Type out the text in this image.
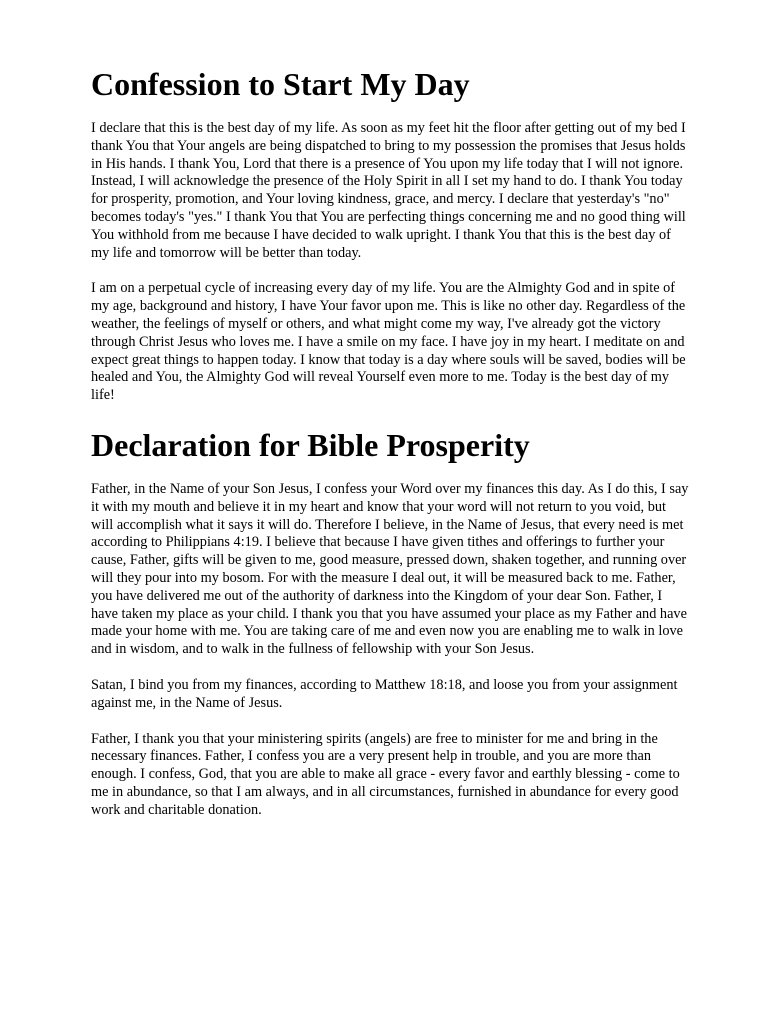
Confession to Start My Day

I declare that this is the best day of my life. As soon as my feet hit the floor after getting out of my bed I thank You that Your angels are being dispatched to bring to my possession the promises that Jesus holds in His hands. I thank You, Lord that there is a presence of You upon my life today that I will not ignore. Instead, I will acknowledge the presence of the Holy Spirit in all I set my hand to do. I thank You today for prosperity, promotion, and Your loving kindness, grace, and mercy. I declare that yesterday's "no" becomes today's "yes." I thank You that You are perfecting things concerning me and no good thing will You withhold from me because I have decided to walk upright. I thank You that this is the best day of my life and tomorrow will be better than today.

I am on a perpetual cycle of increasing every day of my life. You are the Almighty God and in spite of my age, background and history, I have Your favor upon me. This is like no other day. Regardless of the weather, the feelings of myself or others, and what might come my way, I've already got the victory through Christ Jesus who loves me. I have a smile on my face. I have joy in my heart. I meditate on and expect great things to happen today. I know that today is a day where souls will be saved, bodies will be healed and You, the Almighty God will reveal Yourself even more to me. Today is the best day of my life!

Declaration for Bible Prosperity

Father, in the Name of your Son Jesus, I confess your Word over my finances this day. As I do this, I say it with my mouth and believe it in my heart and know that your word will not return to you void, but will accomplish what it says it will do. Therefore I believe, in the Name of Jesus, that every need is met according to Philippians 4:19. I believe that because I have given tithes and offerings to further your cause, Father, gifts will be given to me, good measure, pressed down, shaken together, and running over will they pour into my bosom. For with the measure I deal out, it will be measured back to me. Father, you have delivered me out of the authority of darkness into the Kingdom of your dear Son. Father, I have taken my place as your child. I thank you that you have assumed your place as my Father and have made your home with me. You are taking care of me and even now you are enabling me to walk in love and in wisdom, and to walk in the fullness of fellowship with your Son Jesus.

Satan, I bind you from my finances, according to Matthew 18:18, and loose you from your assignment against me, in the Name of Jesus.

Father, I thank you that your ministering spirits (angels) are free to minister for me and bring in the necessary finances. Father, I confess you are a very present help in trouble, and you are more than enough. I confess, God, that you are able to make all grace - every favor and earthly blessing - come to me in abundance, so that I am always, and in all circumstances, furnished in abundance for every good work and charitable donation.
